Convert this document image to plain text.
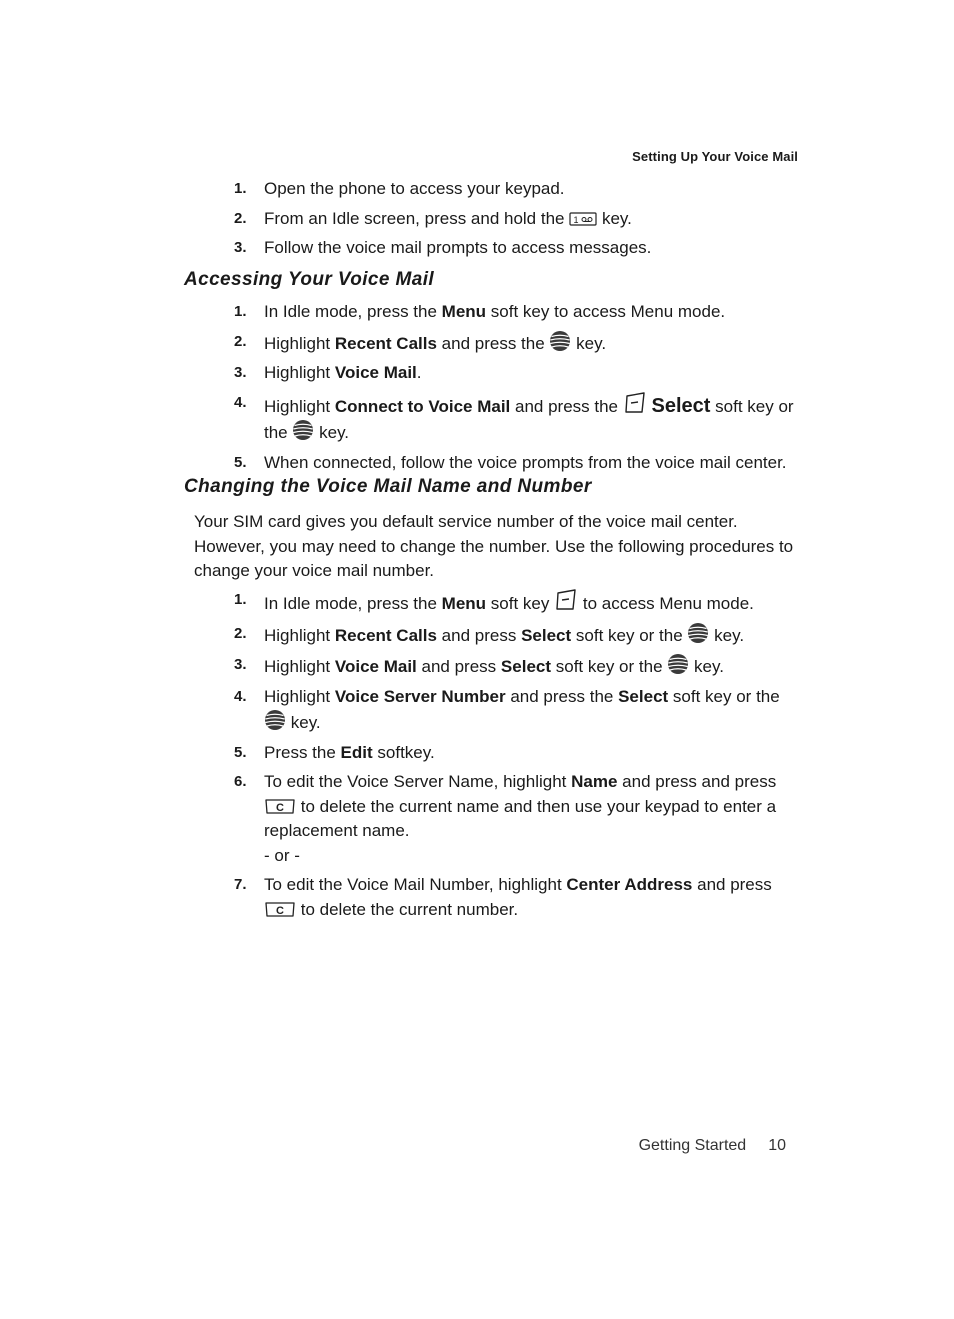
Setting Up Your Voice Mail
1. Open the phone to access your keypad.
2. From an Idle screen, press and hold the key.
3. Follow the voice mail prompts to access messages.
Accessing Your Voice Mail
1. In Idle mode, press the Menu soft key to access Menu mode.
2. Highlight Recent Calls and press the key.
3. Highlight Voice Mail.
4. Highlight Connect to Voice Mail and press the Select soft key or the key.
5. When connected, follow the voice prompts from the voice mail center.
Changing the Voice Mail Name and Number

Your SIM card gives you default service number of the voice mail center. However, you may need to change the number. Use the following procedures to change your voice mail number.

1. In Idle mode, press the Menu soft key to access Menu mode.
2. Highlight Recent Calls and press Select soft key or the key.
3. Highlight Voice Mail and press Select soft key or the key.
4. Highlight Voice Server Number and press the Select soft key or the  key.
5. Press the Edit softkey.
6. To edit the Voice Server Name, highlight Name and press and press  to delete the current name and then use your keypad to enter a replacement name.
- or -
7. To edit the Voice Mail Number, highlight Center Address and press  to delete the current number.
Getting Started 10
